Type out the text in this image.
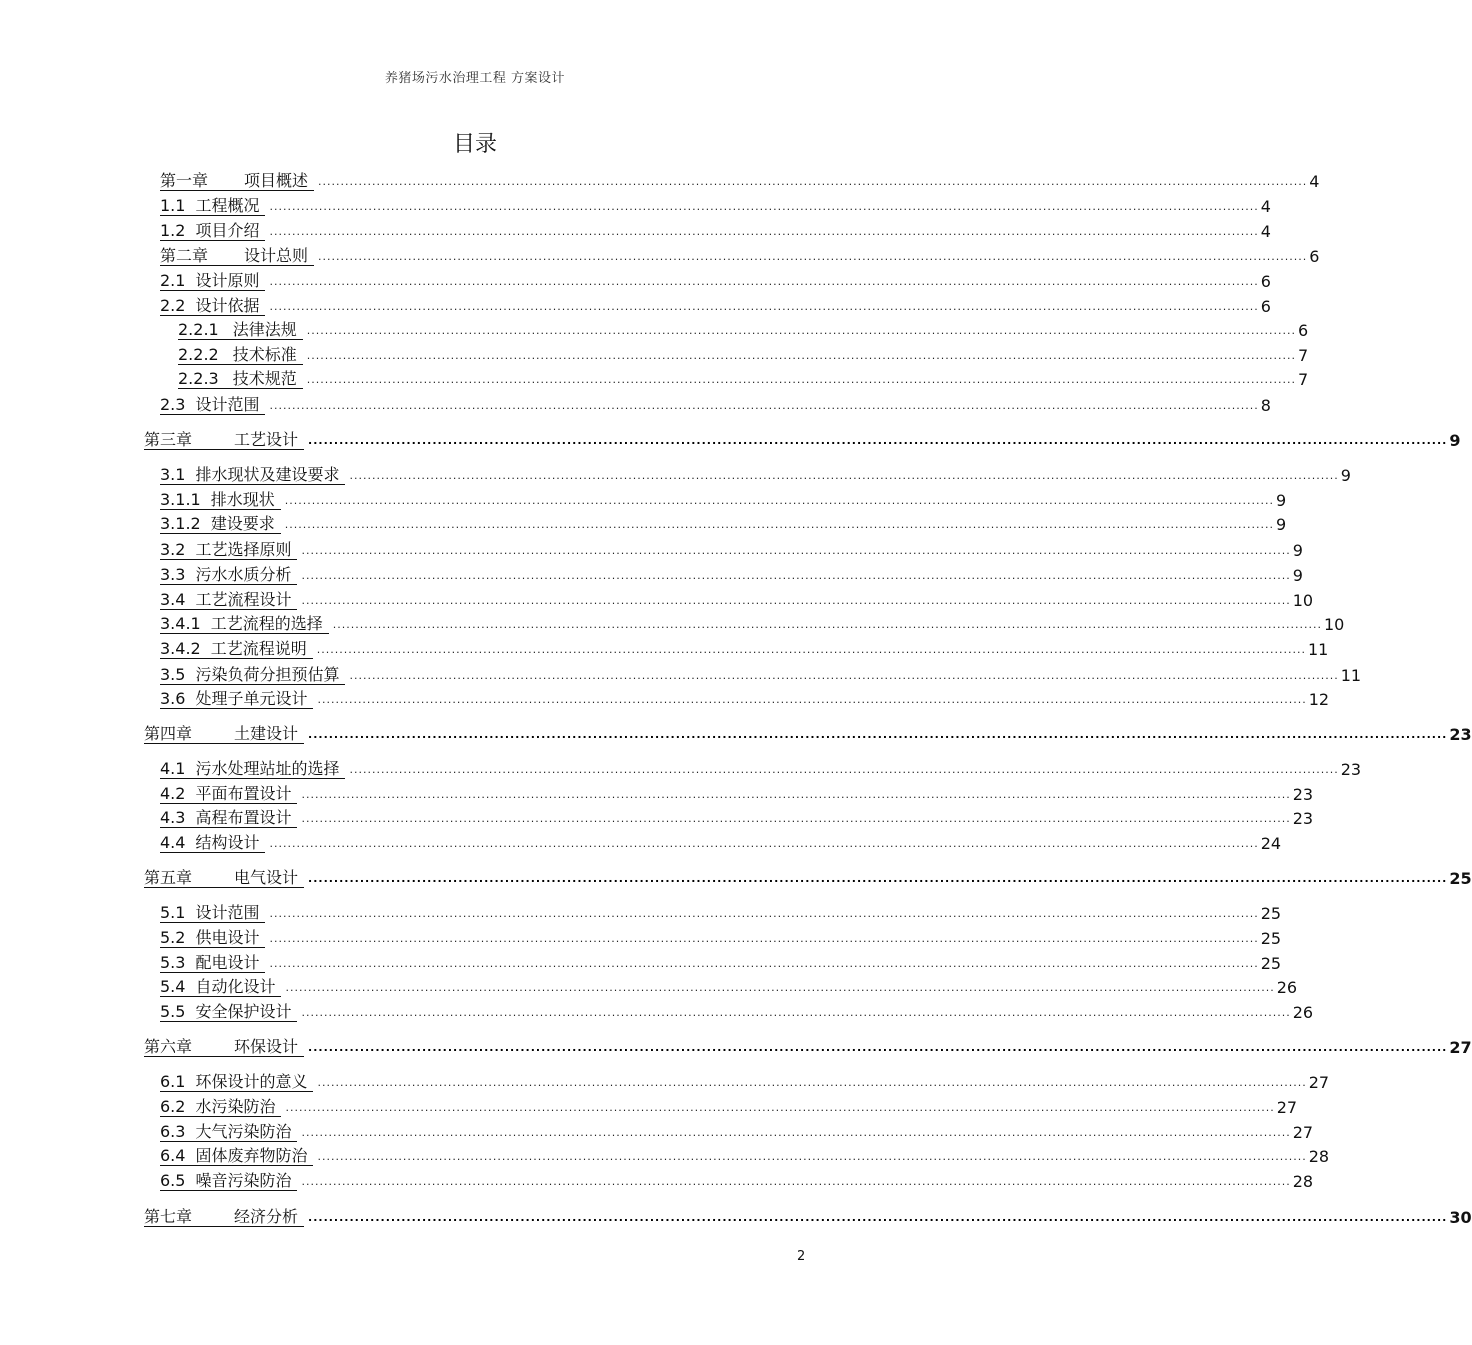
养猪场污水治理工程 方案设计
目录
第一章 项目概述 ............................................................................................................................................................................................................................ 4
1.1 工程概况 ............................................................................................................................................................................................................................ 4
1.2 项目介绍 ............................................................................................................................................................................................................................ 4
第二章 设计总则 ............................................................................................................................................................................................................................ 6
2.1 设计原则 ............................................................................................................................................................................................................................ 6
2.2 设计依据 ............................................................................................................................................................................................................................ 6
2.2.1 法律法规 ............................................................................................................................................................................................................................ 6
2.2.2 技术标准 ............................................................................................................................................................................................................................ 7
2.2.3 技术规范 ............................................................................................................................................................................................................................ 7
2.3 设计范围 ............................................................................................................................................................................................................................ 8
第三章	工艺设计 ............................................................................................................................................................................................................................ 9
3.1 排水现状及建设要求 ............................................................................................................................................................................................................................ 9
3.1.1 排水现状 ............................................................................................................................................................................................................................ 9
3.1.2 建设要求 ............................................................................................................................................................................................................................ 9
3.2 工艺选择原则 ............................................................................................................................................................................................................................ 9
3.3 污水水质分析 ............................................................................................................................................................................................................................ 9
3.4 工艺流程设计 ............................................................................................................................................................................................................................ 10
3.4.1 工艺流程的选择 ............................................................................................................................................................................................................................ 10
3.4.2 工艺流程说明 ............................................................................................................................................................................................................................ 11
3.5 污染负荷分担预估算 ............................................................................................................................................................................................................................ 11
3.6 处理子单元设计 ............................................................................................................................................................................................................................ 12
第四章	土建设计 ............................................................................................................................................................................................................................ 23
4.1 污水处理站址的选择 ............................................................................................................................................................................................................................ 23
4.2 平面布置设计 ............................................................................................................................................................................................................................ 23
4.3 高程布置设计 ............................................................................................................................................................................................................................ 23
4.4 结构设计 ............................................................................................................................................................................................................................ 24
第五章	电气设计 ............................................................................................................................................................................................................................ 25
5.1 设计范围 ............................................................................................................................................................................................................................ 25
5.2 供电设计 ............................................................................................................................................................................................................................ 25
5.3 配电设计 ............................................................................................................................................................................................................................ 25
5.4 自动化设计 ............................................................................................................................................................................................................................ 26
5.5 安全保护设计 ............................................................................................................................................................................................................................ 26
第六章	环保设计 ............................................................................................................................................................................................................................ 27
6.1 环保设计的意义 ............................................................................................................................................................................................................................ 27
6.2 水污染防治 ............................................................................................................................................................................................................................ 27
6.3 大气污染防治 ............................................................................................................................................................................................................................ 27
6.4 固体废弃物防治 ............................................................................................................................................................................................................................ 28
6.5 噪音污染防治 ............................................................................................................................................................................................................................ 28
第七章	经济分析 ............................................................................................................................................................................................................................ 30
2
